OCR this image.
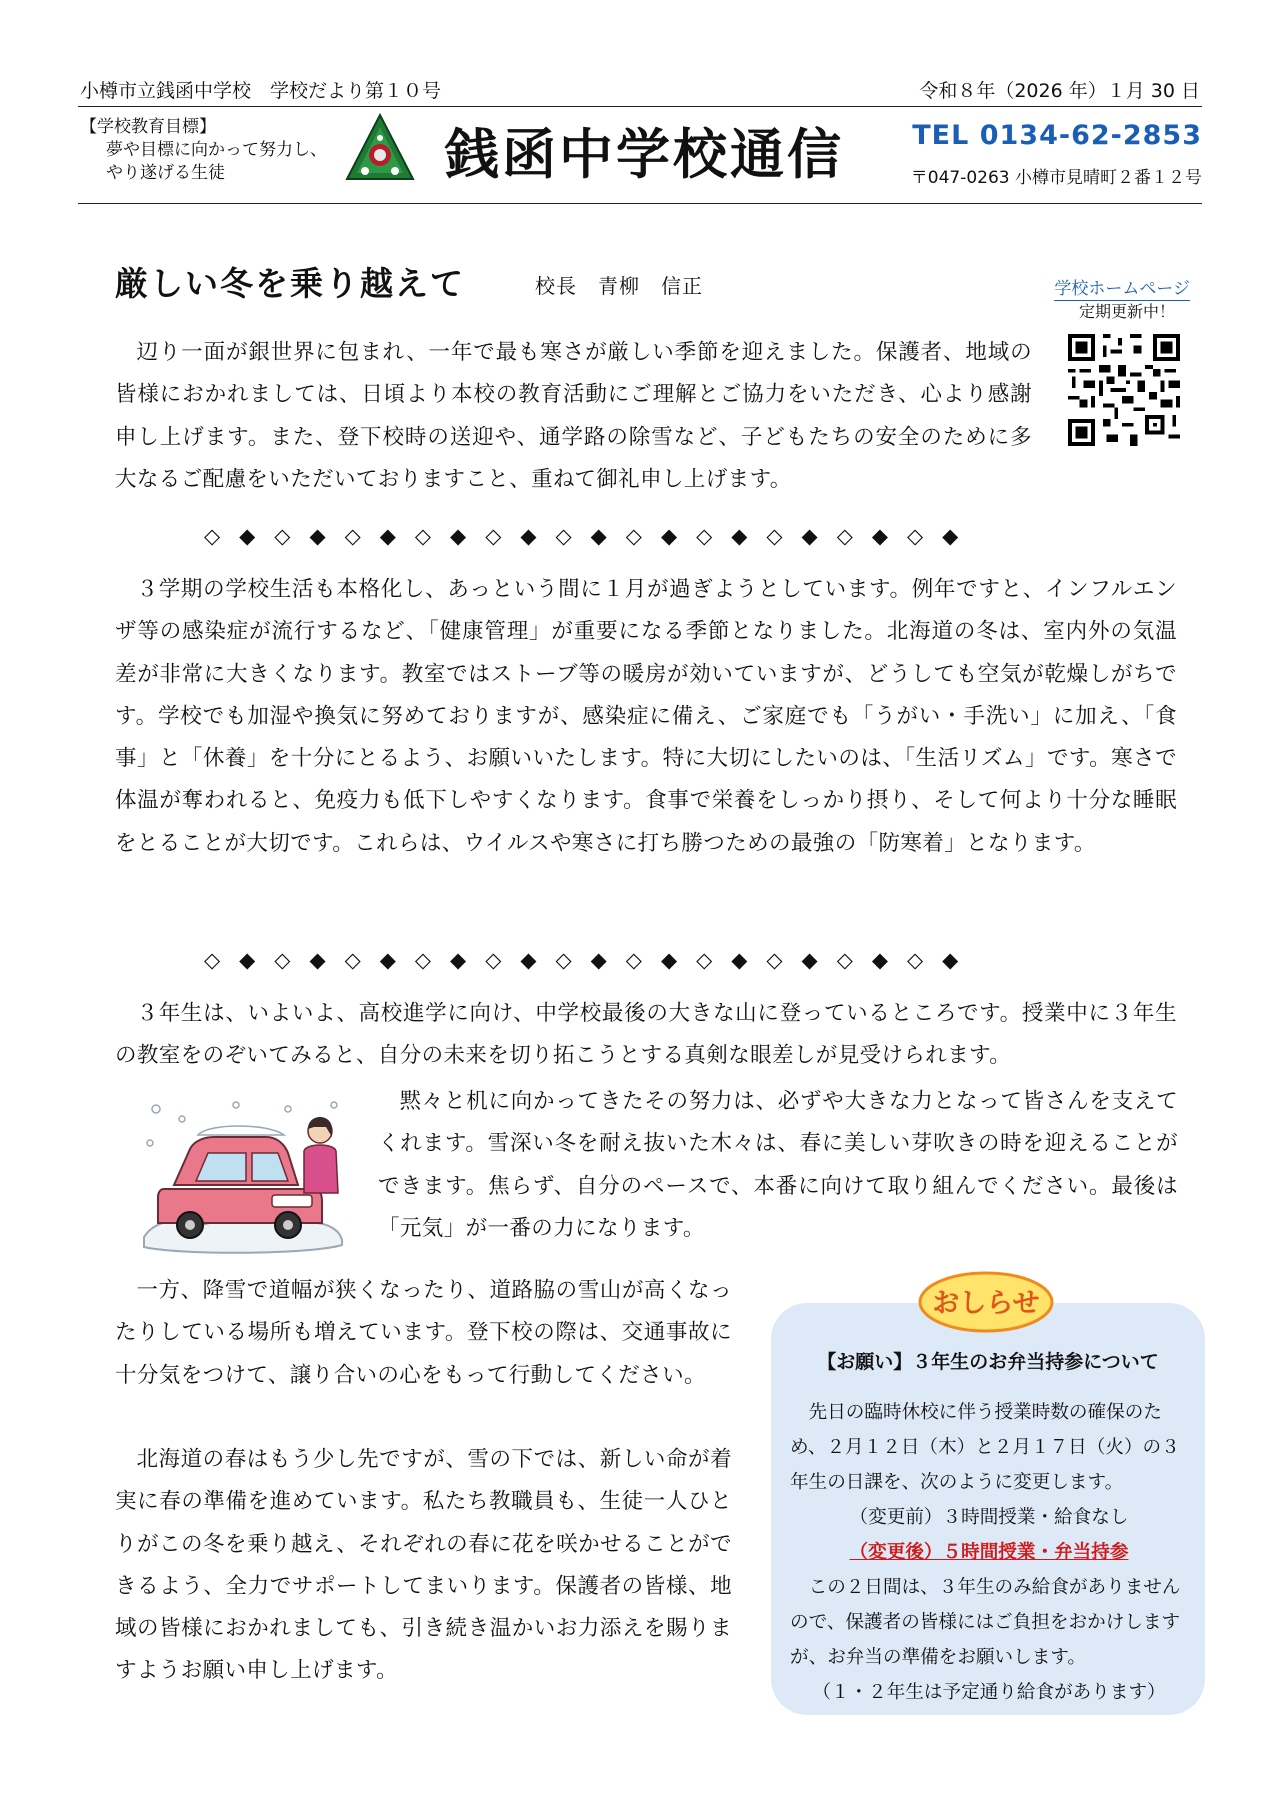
小樽市立銭函中学校　学校だより第１０号	令和８年（2026 年）１月 30 日
【学校教育目標】
夢や目標に向かって努力し、
やり遂げる生徒	銭函中学校通信	TEL 0134-62-2853
〒047-0263 小樽市見晴町２番１２号
厳しい冬を乗り越えて	校長　青柳　信正	学校ホームページ
定期更新中！

辺り一面が銀世界に包まれ、一年で最も寒さが厳しい季節を迎えました。保護者、地域の皆様におかれましては、日頃より本校の教育活動にご理解とご協力をいただき、心より感謝申し上げます。また、登下校時の送迎や、通学路の除雪など、子どもたちの安全のために多大なるご配慮をいただいておりますこと、重ねて御礼申し上げます。

◇◆◇◆◇◆◇◆◇◆◇◆◇◆◇◆◇◆◇◆◇◆

３学期の学校生活も本格化し、あっという間に１月が過ぎようとしています。例年ですと、インフルエンザ等の感染症が流行するなど、「健康管理」が重要になる季節となりました。北海道の冬は、室内外の気温差が非常に大きくなります。教室ではストーブ等の暖房が効いていますが、どうしても空気が乾燥しがちです。学校でも加湿や換気に努めておりますが、感染症に備え、ご家庭でも「うがい・手洗い」に加え、「食事」と「休養」を十分にとるよう、お願いいたします。特に大切にしたいのは、「生活リズム」です。寒さで体温が奪われると、免疫力も低下しやすくなります。食事で栄養をしっかり摂り、そして何より十分な睡眠をとることが大切です。これらは、ウイルスや寒さに打ち勝つための最強の「防寒着」となります。

◇◆◇◆◇◆◇◆◇◆◇◆◇◆◇◆◇◆◇◆◇◆

３年生は、いよいよ、高校進学に向け、中学校最後の大きな山に登っているところです。授業中に３年生の教室をのぞいてみると、自分の未来を切り拓こうとする真剣な眼差しが見受けられます。

黙々と机に向かってきたその努力は、必ずや大きな力となって皆さんを支えてくれます。雪深い冬を耐え抜いた木々は、春に美しい芽吹きの時を迎えることができます。焦らず、自分のペースで、本番に向けて取り組んでください。最後は「元気」が一番の力になります。

一方、降雪で道幅が狭くなったり、道路脇の雪山が高くなったりしている場所も増えています。登下校の際は、交通事故に十分気をつけて、譲り合いの心をもって行動してください。

北海道の春はもう少し先ですが、雪の下では、新しい命が着実に春の準備を進めています。私たち教職員も、生徒一人ひとりがこの冬を乗り越え、それぞれの春に花を咲かせることができるよう、全力でサポートしてまいります。保護者の皆様、地域の皆様におかれましても、引き続き温かいお力添えを賜りますようお願い申し上げます。

おしらせ
【お願い】３年生のお弁当持参について

先日の臨時休校に伴う授業時数の確保のため、２月１２日（木）と２月１７日（火）の３年生の日課を、次のように変更します。

（変更前）３時間授業・給食なし

（変更後）５時間授業・弁当持参

この２日間は、３年生のみ給食がありませんので、保護者の皆様にはご負担をおかけしますが、お弁当の準備をお願いします。

（１・２年生は予定通り給食があります）
